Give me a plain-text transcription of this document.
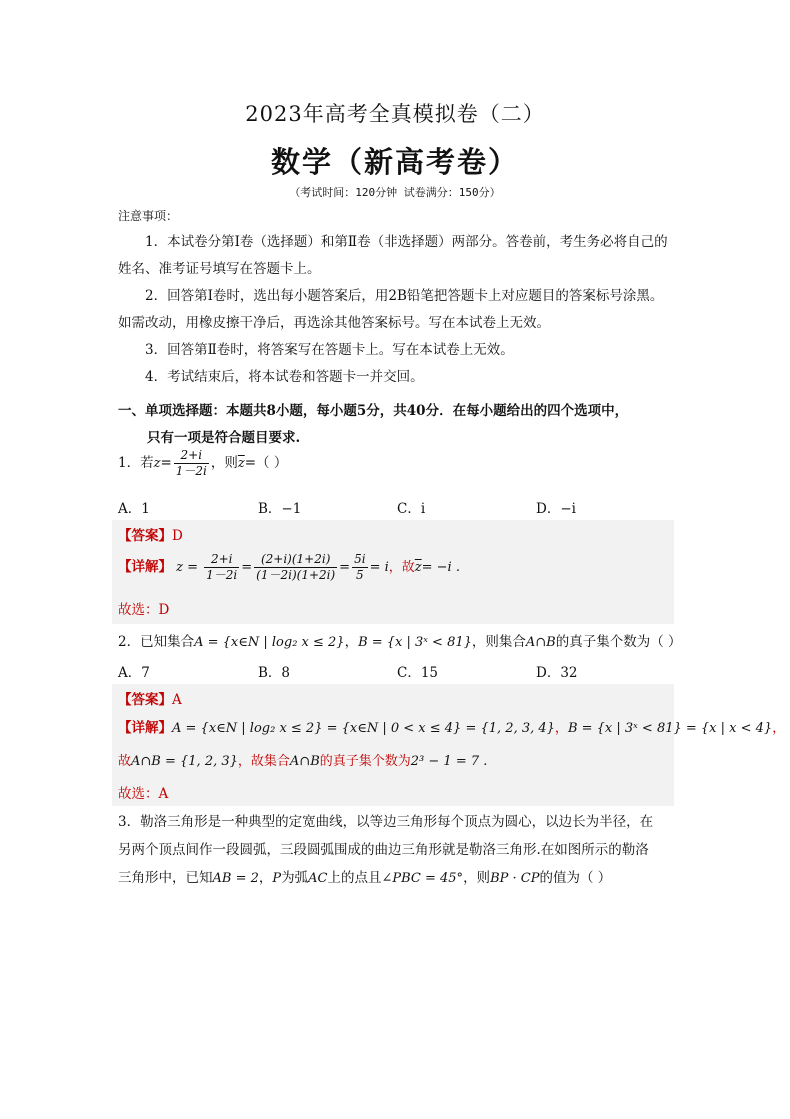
2023年高考全真模拟卷（二）
数学（新高考卷）
（考试时间：120分钟 试卷满分：150分）
注意事项：
1．本试卷分第Ⅰ卷（选择题）和第Ⅱ卷（非选择题）两部分。答卷前，考生务必将自己的姓名、准考证号填写在答题卡上。
2．回答第Ⅰ卷时，选出每小题答案后，用2B铅笔把答题卡上对应题目的答案标号涂黑。如需改动，用橡皮擦干净后，再选涂其他答案标号。写在本试卷上无效。
3．回答第Ⅱ卷时，将答案写在答题卡上。写在本试卷上无效。
4．考试结束后，将本试卷和答题卡一并交回。
一、单项选择题：本题共8小题，每小题5分，共40分．在每小题给出的四个选项中，
只有一项是符合题目要求.
1．若$z= \frac{2+i}{1-2i}$ ，则$\overline{z}=$（ ）
A．1	B．−1	C．i	D．−i
【答案】D
【详解】 $z = \frac{2+i}{1-2i} = \frac{(2+i)(1+2i)}{(1-2i)(1+2i)} = \frac{5i}{5} = i$，故$\overline{z}= -i$ .
故选：D
2．已知集合A = {x∈N | log₂ x ≤ 2}，B = {x | 3ˣ < 81}，则集合A∩B的真子集个数为（ ）
A．7	B．8	C．15	D．32
【答案】A
【详解】A = {x∈N | log₂ x ≤ 2} = {x∈N | 0 < x ≤ 4} = {1, 2, 3, 4}，B = {x | 3ˣ < 81} = {x | x < 4}，
故A∩B = {1, 2, 3}，故集合A∩B的真子集个数为2³ − 1 = 7 .
故选：A
3．勒洛三角形是一种典型的定宽曲线，以等边三角形每个顶点为圆心，以边长为半径，在
另两个顶点间作一段圆弧，三段圆弧围成的曲边三角形就是勒洛三角形.在如图所示的勒洛
三角形中，已知AB = 2，P为弧AC上的点且∠PBC = 45°，则BP · CP的值为（ ）
